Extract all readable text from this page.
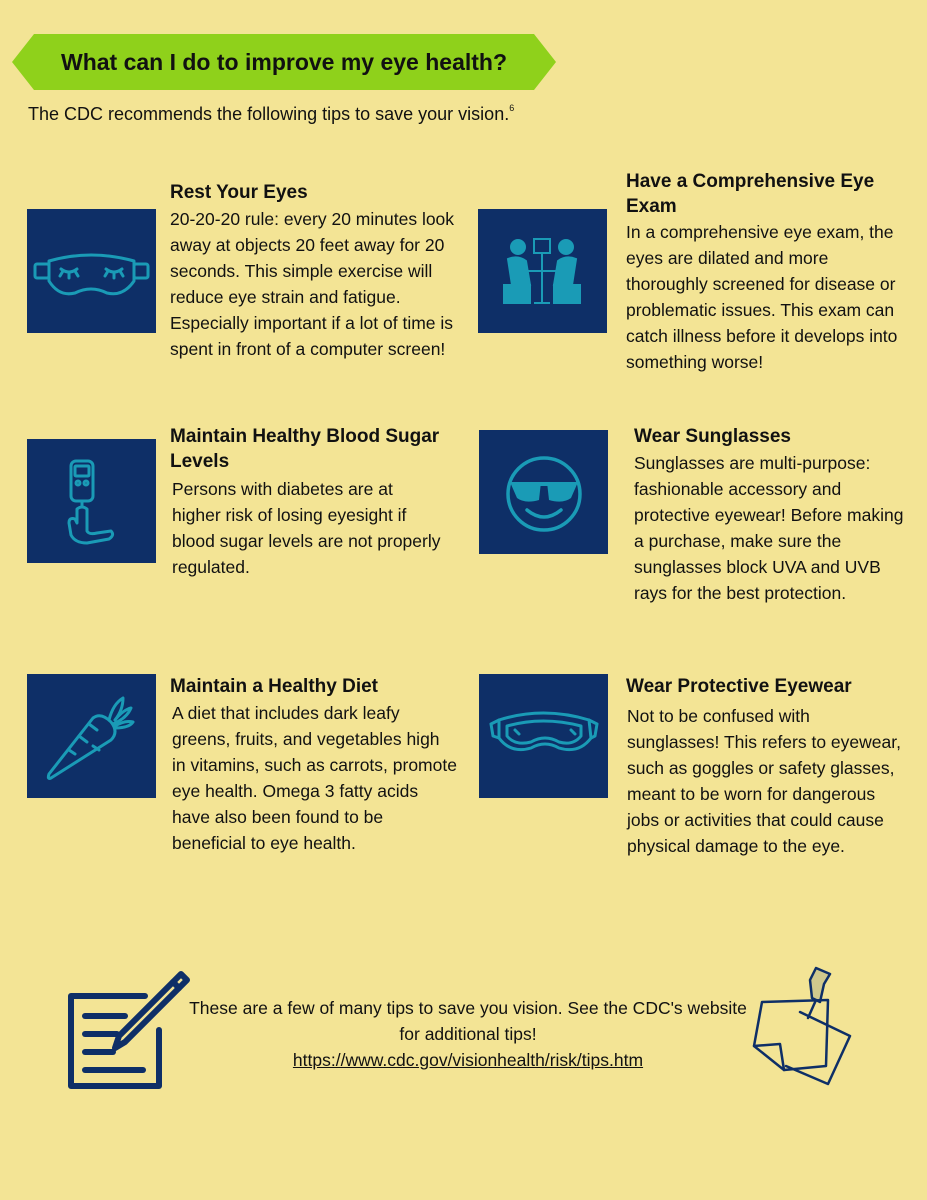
What can I do to improve my eye health?
The CDC recommends the following tips to save your vision.$^6$
Rest Your Eyes
20-20-20 rule: every 20 minutes look away at objects 20 feet away for 20 seconds. This simple exercise will reduce eye strain and fatigue. Especially important if a lot of time is spent in front of a computer screen!
Have a Comprehensive Eye Exam
In a comprehensive eye exam, the eyes are dilated and more thoroughly screened for disease or problematic issues. This exam can catch illness before it develops into something worse!
Maintain Healthy Blood Sugar Levels
Persons with diabetes are at higher risk of losing eyesight if blood sugar levels are not properly regulated.
Wear Sunglasses
Sunglasses are multi-purpose: fashionable accessory and protective eyewear! Before making a purchase, make sure the sunglasses block UVA and UVB rays for the best protection.
Maintain a Healthy Diet
A diet that includes dark leafy greens, fruits, and vegetables high in vitamins, such as carrots, promote eye health. Omega 3 fatty acids have also been found to be beneficial to eye health.
Wear Protective Eyewear
Not to be confused with sunglasses! This refers to eyewear, such as goggles or safety glasses, meant to be worn for dangerous jobs or activities that could cause physical damage to the eye.
These are a few of many tips to save you vision. See the CDC's website for additional tips!
https://www.cdc.gov/visionhealth/risk/tips.htm
